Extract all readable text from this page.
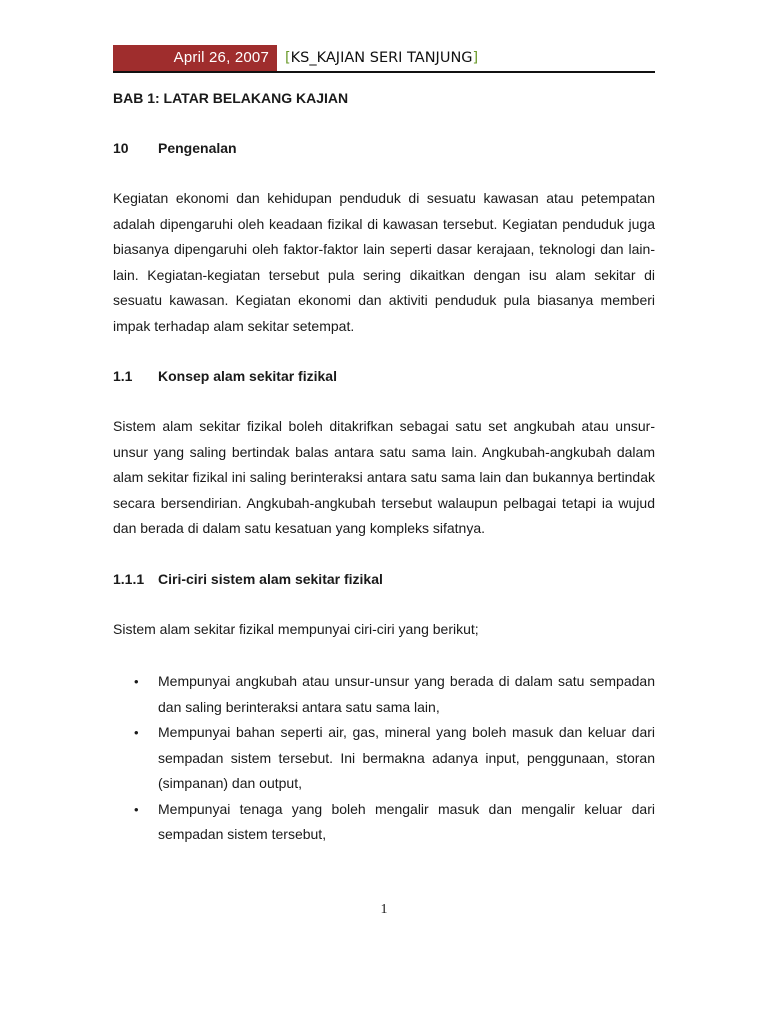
April 26, 2007	[KS_KAJIAN SERI TANJUNG]
BAB 1: LATAR BELAKANG KAJIAN
10 Pengenalan

Kegiatan ekonomi dan kehidupan penduduk di sesuatu kawasan atau petempatan adalah dipengaruhi oleh keadaan fizikal di kawasan tersebut. Kegiatan penduduk juga biasanya dipengaruhi oleh faktor-faktor lain seperti dasar kerajaan, teknologi dan lain-lain. Kegiatan-kegiatan tersebut pula sering dikaitkan dengan isu alam sekitar di sesuatu kawasan. Kegiatan ekonomi dan aktiviti penduduk pula biasanya memberi impak terhadap alam sekitar setempat.

1.1 Konsep alam sekitar fizikal

Sistem alam sekitar fizikal boleh ditakrifkan sebagai satu set angkubah atau unsur-unsur yang saling bertindak balas antara satu sama lain. Angkubah-angkubah dalam alam sekitar fizikal ini saling berinteraksi antara satu sama lain dan bukannya bertindak secara bersendirian. Angkubah-angkubah tersebut walaupun pelbagai tetapi ia wujud dan berada di dalam satu kesatuan yang kompleks sifatnya.

1.1.1 Ciri-ciri sistem alam sekitar fizikal

Sistem alam sekitar fizikal mempunyai ciri-ciri yang berikut;

• Mempunyai angkubah atau unsur-unsur yang berada di dalam satu sempadan dan saling berinteraksi antara satu sama lain,
• Mempunyai bahan seperti air, gas, mineral yang boleh masuk dan keluar dari sempadan sistem tersebut. Ini bermakna adanya input, penggunaan, storan (simpanan) dan output,
• Mempunyai tenaga yang boleh mengalir masuk dan mengalir keluar dari sempadan sistem tersebut,
1
